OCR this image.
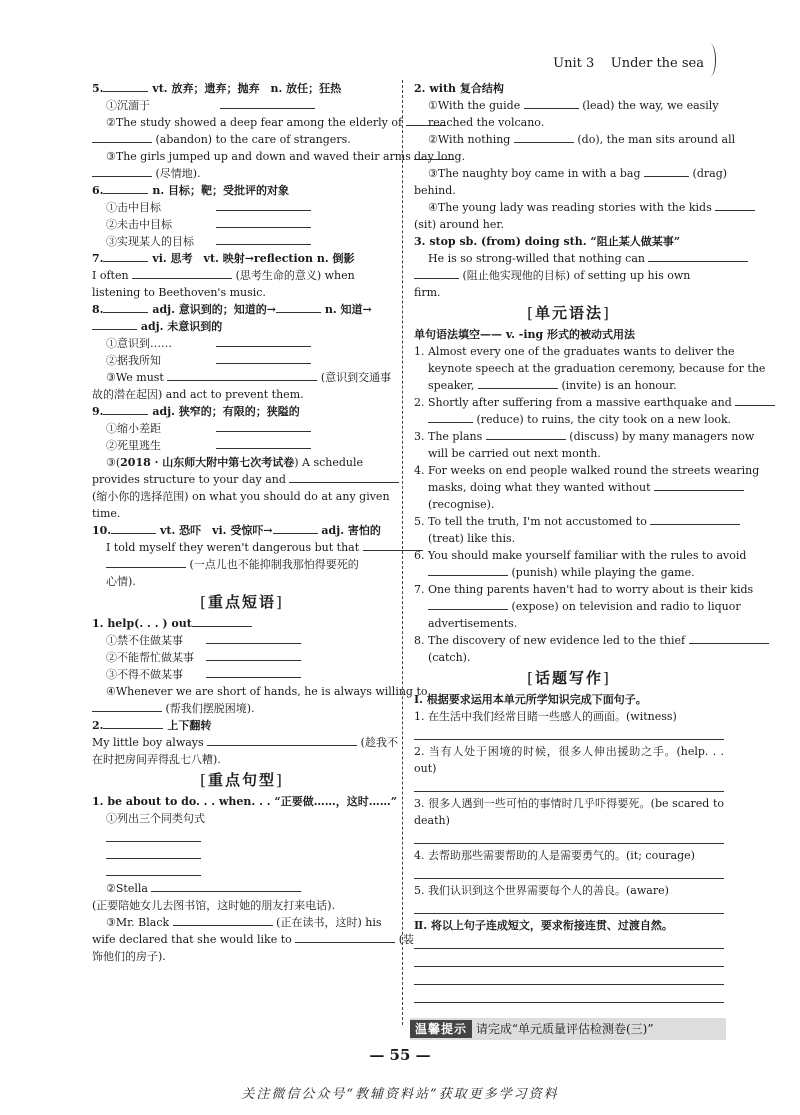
Unit 3 Under the sea
5.	vt. 放弃；遗弃；抛弃　n. 放任；狂热
①沉湎于
②The study showed a deep fear among the elderly of
(abandon) to the care of strangers.
③The girls jumped up and down and waved their arms
(尽情地).
6.	n. 目标；靶；受批评的对象
①击中目标
②未击中目标
③实现某人的目标
7.	vi. 思考　vt. 映射→reflection n. 倒影
I often	(思考生命的意义) when
listening to Beethoven's music.
8.	adj. 意识到的；知道的→	n. 知道→
adj. 未意识到的
①意识到……
②据我所知
③We must	(意识到交通事
故的潜在起因) and act to prevent them.
9.	adj. 狭窄的；有限的；狭隘的
①缩小差距
②死里逃生
③(2018 · 山东师大附中第七次考试卷) A schedule
provides structure to your day and
(缩小你的选择范围) on what you should do at any given
time.
10.	vt. 恐吓　vi. 受惊吓→	adj. 害怕的
I told myself they weren't dangerous but that
(一点儿也不能抑制我那怕得要死的
心情).
[重点短语]
1. help(. . . ) out
①禁不住做某事
②不能帮忙做某事
③不得不做某事
④Whenever we are short of hands, he is always willing to
(帮我们摆脱困境).
2.	上下翻转
My little boy always	(趁我不
在时把房间弄得乱七八糟).
[重点句型]
1. be about to do. . . when. . . “正要做……，这时……”
①列出三个同类句式
②Stella
(正要陪她女儿去图书馆，这时她的朋友打来电话).
③Mr. Black	(正在读书，这时) his
wife declared that she would like to	(装
饰他们的房子).
2. with 复合结构
①With the guide	(lead) the way, we easily
reached the volcano.
②With nothing	(do), the man sits around all
day long.
③The naughty boy came in with a bag	(drag)
behind.
④The young lady was reading stories with the kids
(sit) around her.
3. stop sb. (from) doing sth. “阻止某人做某事”
He is so strong-willed that nothing can
(阻止他实现他的目标) of setting up his own
firm.
[单元语法]
单句语法填空—— v. -ing 形式的被动式用法
1. Almost every one of the graduates wants to deliver the
keynote speech at the graduation ceremony, because for the
speaker,	(invite) is an honour.
2. Shortly after suffering from a massive earthquake and
(reduce) to ruins, the city took on a new look.
3. The plans	(discuss) by many managers now
will be carried out next month.
4. For weeks on end people walked round the streets wearing
masks, doing what they wanted without
(recognise).
5. To tell the truth, I'm not accustomed to
(treat) like this.
6. You should make yourself familiar with the rules to avoid
(punish) while playing the game.
7. One thing parents haven't had to worry about is their kids
(expose) on television and radio to liquor
advertisements.
8. The discovery of new evidence led to the thief
(catch).
[话题写作]
Ⅰ. 根据要求运用本单元所学知识完成下面句子。
1. 在生活中我们经常目睹一些感人的画面。(witness)
2. 当有人处于困境的时候，很多人伸出援助之手。(help. . . out)
3. 很多人遇到一些可怕的事情时几乎吓得要死。(be scared to death)
4. 去帮助那些需要帮助的人是需要勇气的。(it; courage)
5. 我们认识到这个世界需要每个人的善良。(aware)
Ⅱ. 将以上句子连成短文，要求衔接连贯、过渡自然。
温馨提示 请完成“单元质量评估检测卷(三)”
— 55 —
关注微信公众号“教辅资料站”获取更多学习资料
